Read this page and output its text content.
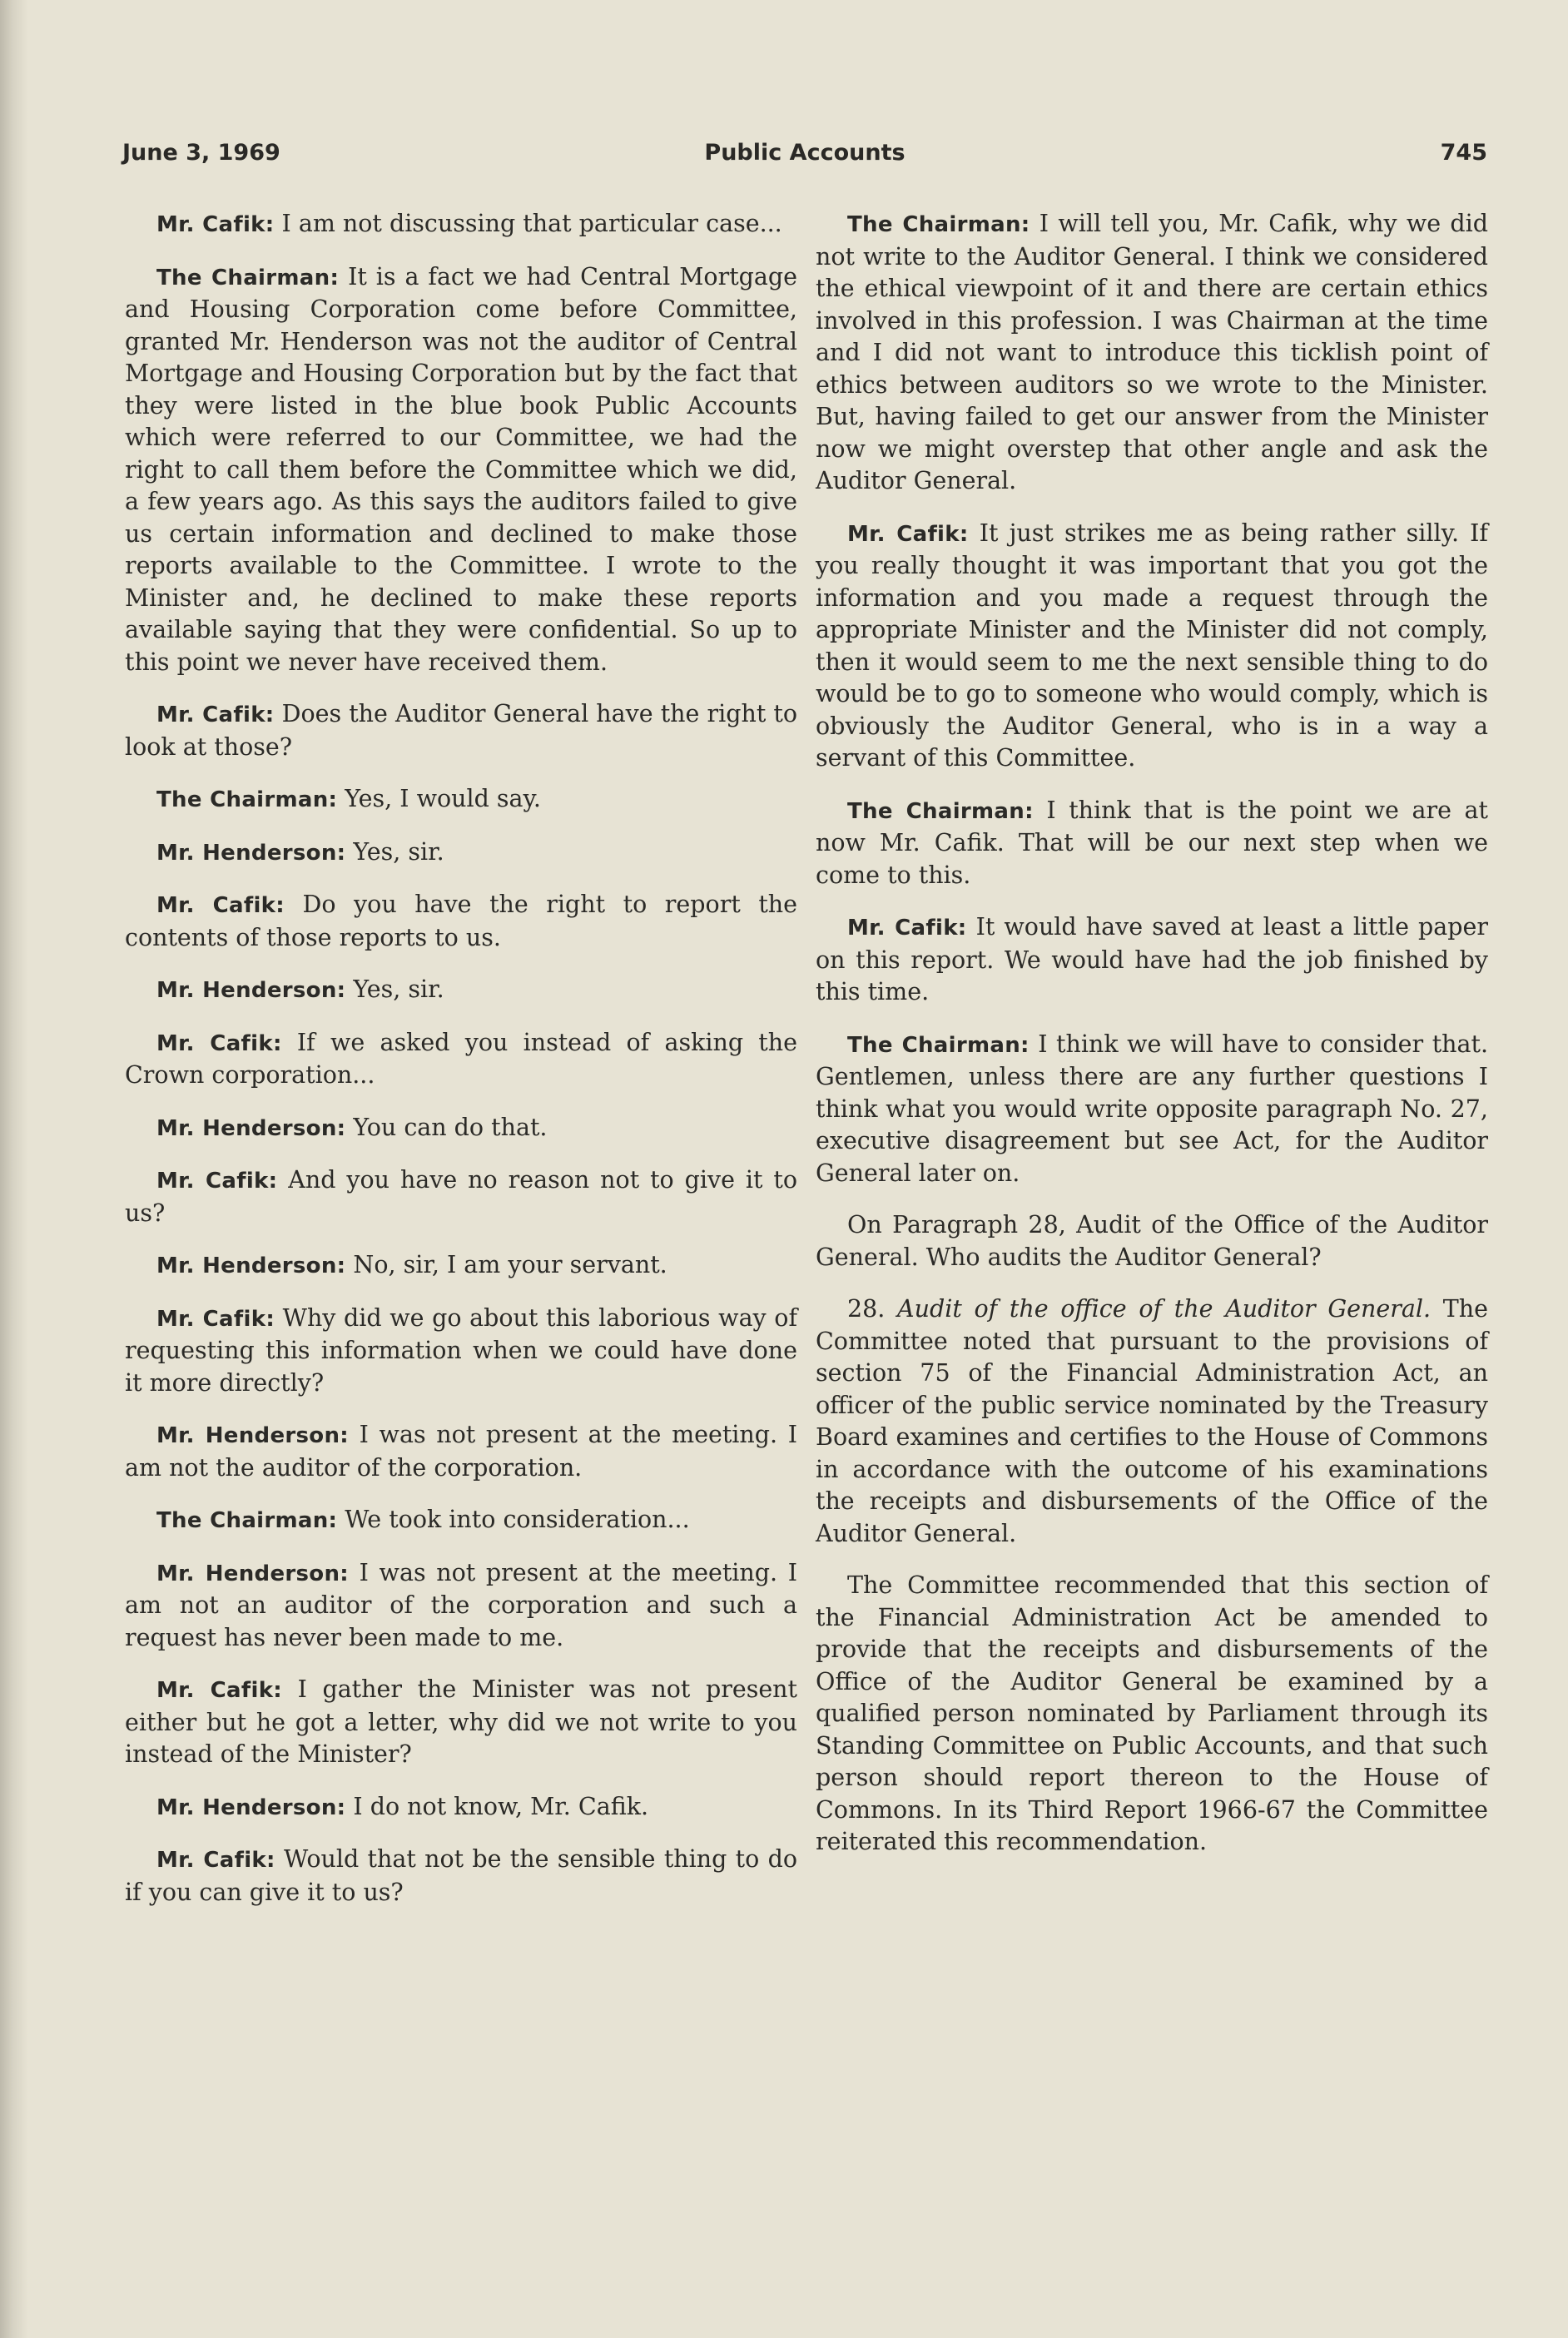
June 3, 1969	Public Accounts	745

Mr. Cafik: I am not discussing that particular case...

The Chairman: It is a fact we had Central Mortgage and Housing Corporation come before Committee, granted Mr. Henderson was not the auditor of Central Mortgage and Housing Corporation but by the fact that they were listed in the blue book Public Accounts which were referred to our Committee, we had the right to call them before the Committee which we did, a few years ago. As this says the auditors failed to give us certain information and declined to make those reports available to the Committee. I wrote to the Minister and, he declined to make these reports available saying that they were confidential. So up to this point we never have received them.

Mr. Cafik: Does the Auditor General have the right to look at those?

The Chairman: Yes, I would say.

Mr. Henderson: Yes, sir.

Mr. Cafik: Do you have the right to report the contents of those reports to us.

Mr. Henderson: Yes, sir.

Mr. Cafik: If we asked you instead of asking the Crown corporation...

Mr. Henderson: You can do that.

Mr. Cafik: And you have no reason not to give it to us?

Mr. Henderson: No, sir, I am your servant.

Mr. Cafik: Why did we go about this laborious way of requesting this information when we could have done it more directly?

Mr. Henderson: I was not present at the meeting. I am not the auditor of the corporation.

The Chairman: We took into consideration...

Mr. Henderson: I was not present at the meeting. I am not an auditor of the corporation and such a request has never been made to me.

Mr. Cafik: I gather the Minister was not present either but he got a letter, why did we not write to you instead of the Minister?

Mr. Henderson: I do not know, Mr. Cafik.

Mr. Cafik: Would that not be the sensible thing to do if you can give it to us?

The Chairman: I will tell you, Mr. Cafik, why we did not write to the Auditor General. I think we considered the ethical viewpoint of it and there are certain ethics involved in this profession. I was Chairman at the time and I did not want to introduce this ticklish point of ethics between auditors so we wrote to the Minister. But, having failed to get our answer from the Minister now we might overstep that other angle and ask the Auditor General.

Mr. Cafik: It just strikes me as being rather silly. If you really thought it was important that you got the information and you made a request through the appropriate Minister and the Minister did not comply, then it would seem to me the next sensible thing to do would be to go to someone who would comply, which is obviously the Auditor General, who is in a way a servant of this Committee.

The Chairman: I think that is the point we are at now Mr. Cafik. That will be our next step when we come to this.

Mr. Cafik: It would have saved at least a little paper on this report. We would have had the job finished by this time.

The Chairman: I think we will have to consider that. Gentlemen, unless there are any further questions I think what you would write opposite paragraph No. 27, executive disagreement but see Act, for the Auditor General later on.

On Paragraph 28, Audit of the Office of the Auditor General. Who audits the Auditor General?

28. Audit of the office of the Auditor General. The Committee noted that pursuant to the provisions of section 75 of the Financial Administration Act, an officer of the public service nominated by the Treasury Board examines and certifies to the House of Commons in accordance with the outcome of his examinations the receipts and disbursements of the Office of the Auditor General.

The Committee recommended that this section of the Financial Administration Act be amended to provide that the receipts and disbursements of the Office of the Auditor General be examined by a qualified person nominated by Parliament through its Standing Committee on Public Accounts, and that such person should report thereon to the House of Commons. In its Third Report 1966-67 the Committee reiterated this recommendation.
